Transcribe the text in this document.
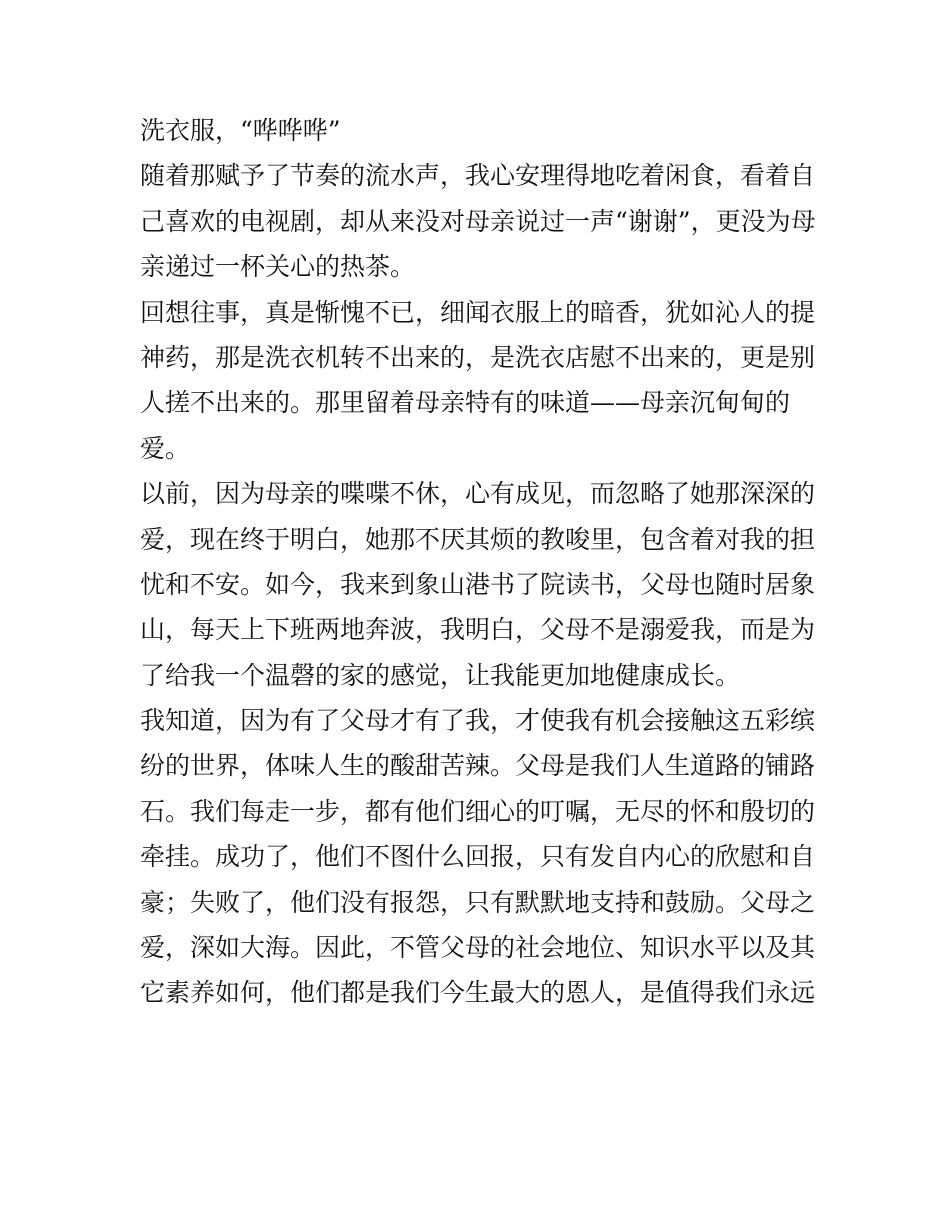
洗衣服，“哗哗哗”
随着那赋予了节奏的流水声，我心安理得地吃着闲食，看着自
己喜欢的电视剧，却从来没对母亲说过一声“谢谢”，更没为母
亲递过一杯关心的热茶。
回想往事，真是惭愧不已，细闻衣服上的暗香，犹如沁人的提
神药，那是洗衣机转不出来的，是洗衣店慰不出来的，更是别
人搓不出来的。那里留着母亲特有的味道——母亲沉甸甸的
爱。
以前，因为母亲的喋喋不休，心有成见，而忽略了她那深深的
爱，现在终于明白，她那不厌其烦的教唆里，包含着对我的担
忧和不安。如今，我来到象山港书了院读书，父母也随时居象
山，每天上下班两地奔波，我明白，父母不是溺爱我，而是为
了给我一个温磬的家的感觉，让我能更加地健康成长。
我知道，因为有了父母才有了我，才使我有机会接触这五彩缤
纷的世界，体味人生的酸甜苦辣。父母是我们人生道路的铺路
石。我们每走一步，都有他们细心的叮嘱，无尽的怀和殷切的
牵挂。成功了，他们不图什么回报，只有发自内心的欣慰和自
豪；失败了，他们没有报怨，只有默默地支持和鼓励。父母之
爱，深如大海。因此，不管父母的社会地位、知识水平以及其
它素养如何，他们都是我们今生最大的恩人，是值得我们永远
